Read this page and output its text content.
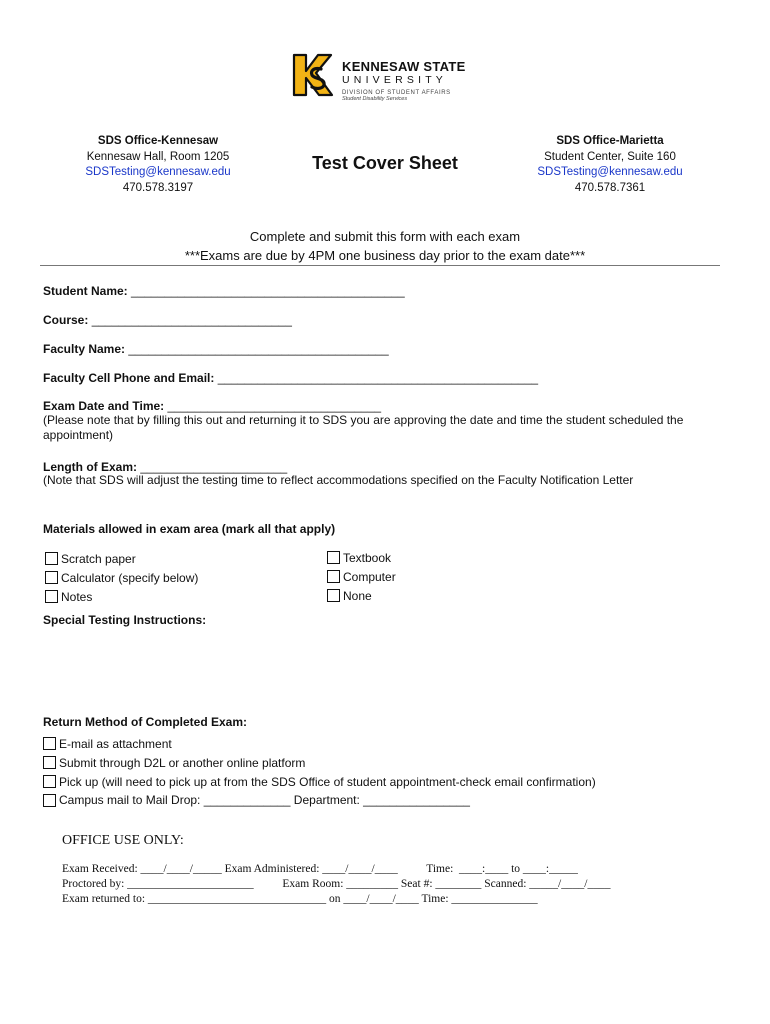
KENNESAW STATE
UNIVERSITY
DIVISION OF STUDENT AFFAIRS
Student Disability Services
SDS Office-Kennesaw
Kennesaw Hall, Room 1205
SDSTesting@kennesaw.edu
470.578.3197
Test Cover Sheet
SDS Office-Marietta
Student Center, Suite 160
SDSTesting@kennesaw.edu
470.578.7361
Complete and submit this form with each exam
***Exams are due by 4PM one business day prior to the exam date***
Student Name: _________________________________________
Course: ______________________________
Faculty Name: _______________________________________
Faculty Cell Phone and Email: ________________________________________________
Exam Date and Time: ________________________________
(Please note that by filling this out and returning it to SDS you are approving the date and time the student scheduled the appointment)
Length of Exam: ______________________
(Note that SDS will adjust the testing time to reflect accommodations specified on the Faculty Notification Letter
Materials allowed in exam area (mark all that apply)
Scratch paper
Calculator (specify below)
Notes
Textbook
Computer
None
Special Testing Instructions:
Return Method of Completed Exam:
E-mail as attachment
Submit through D2L or another online platform
Pick up (will need to pick up at from the SDS Office of student appointment-check email confirmation)
Campus mail to Mail Drop: _____________ Department: ________________
OFFICE USE ONLY:
Exam Received: ____/____/_____ Exam Administered: ____/____/____          Time:  ____:____ to ____:_____
Proctored by: ______________________          Exam Room: _________ Seat #: ________ Scanned: _____/____/____
Exam returned to: _______________________________ on ____/____/____ Time: _______________
